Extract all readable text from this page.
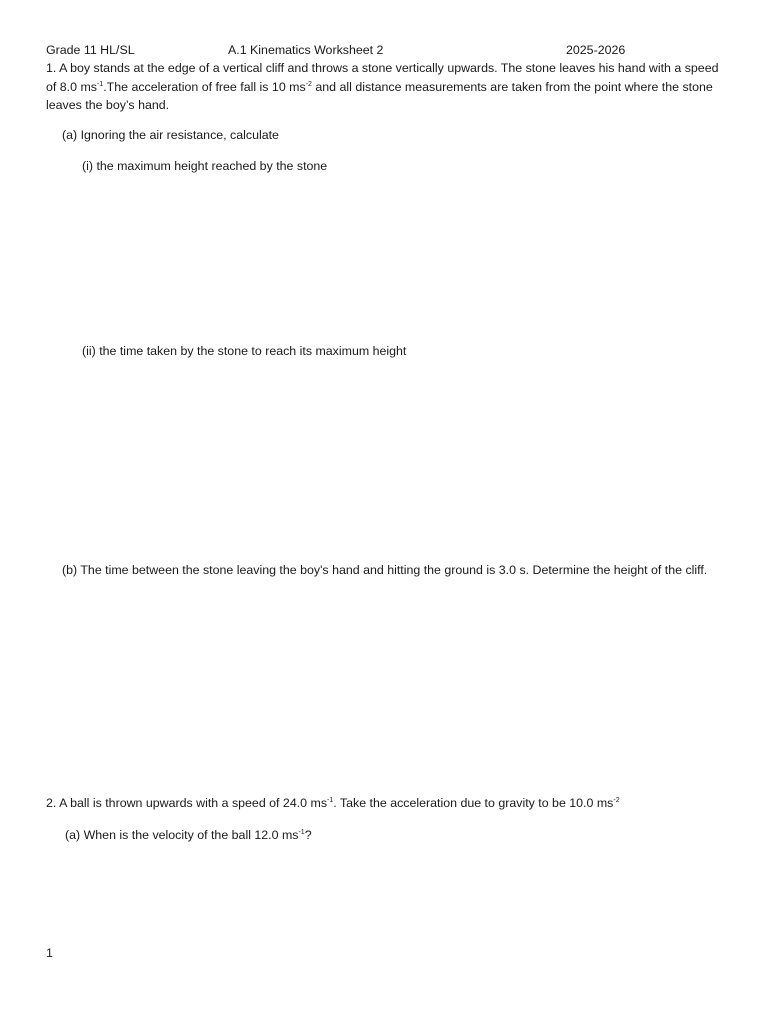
Grade 11 HL/SL	A.1 Kinematics Worksheet 2	2025-2026
1. A boy stands at the edge of a vertical cliff and throws a stone vertically upwards. The stone leaves his hand with a speed of 8.0 $ms^{-1}.The$ acceleration of free fall is 10 $ms^{-2}$ and all distance measurements are taken from the point where the stone leaves the boy’s hand.
(a) Ignoring the air resistance, calculate
(i) the maximum height reached by the stone
(ii) the time taken by the stone to reach its maximum height
(b) The time between the stone leaving the boy's hand and hitting the ground is 3.0 s. Determine the height of the cliff.
2. A ball is thrown upwards with a speed of 24.0 $ms^{-1}$. Take the acceleration due to gravity to be 10.0 $ms^{-2}$
(a) When is the velocity of the ball 12.0 $ms^{-1}$?
1
